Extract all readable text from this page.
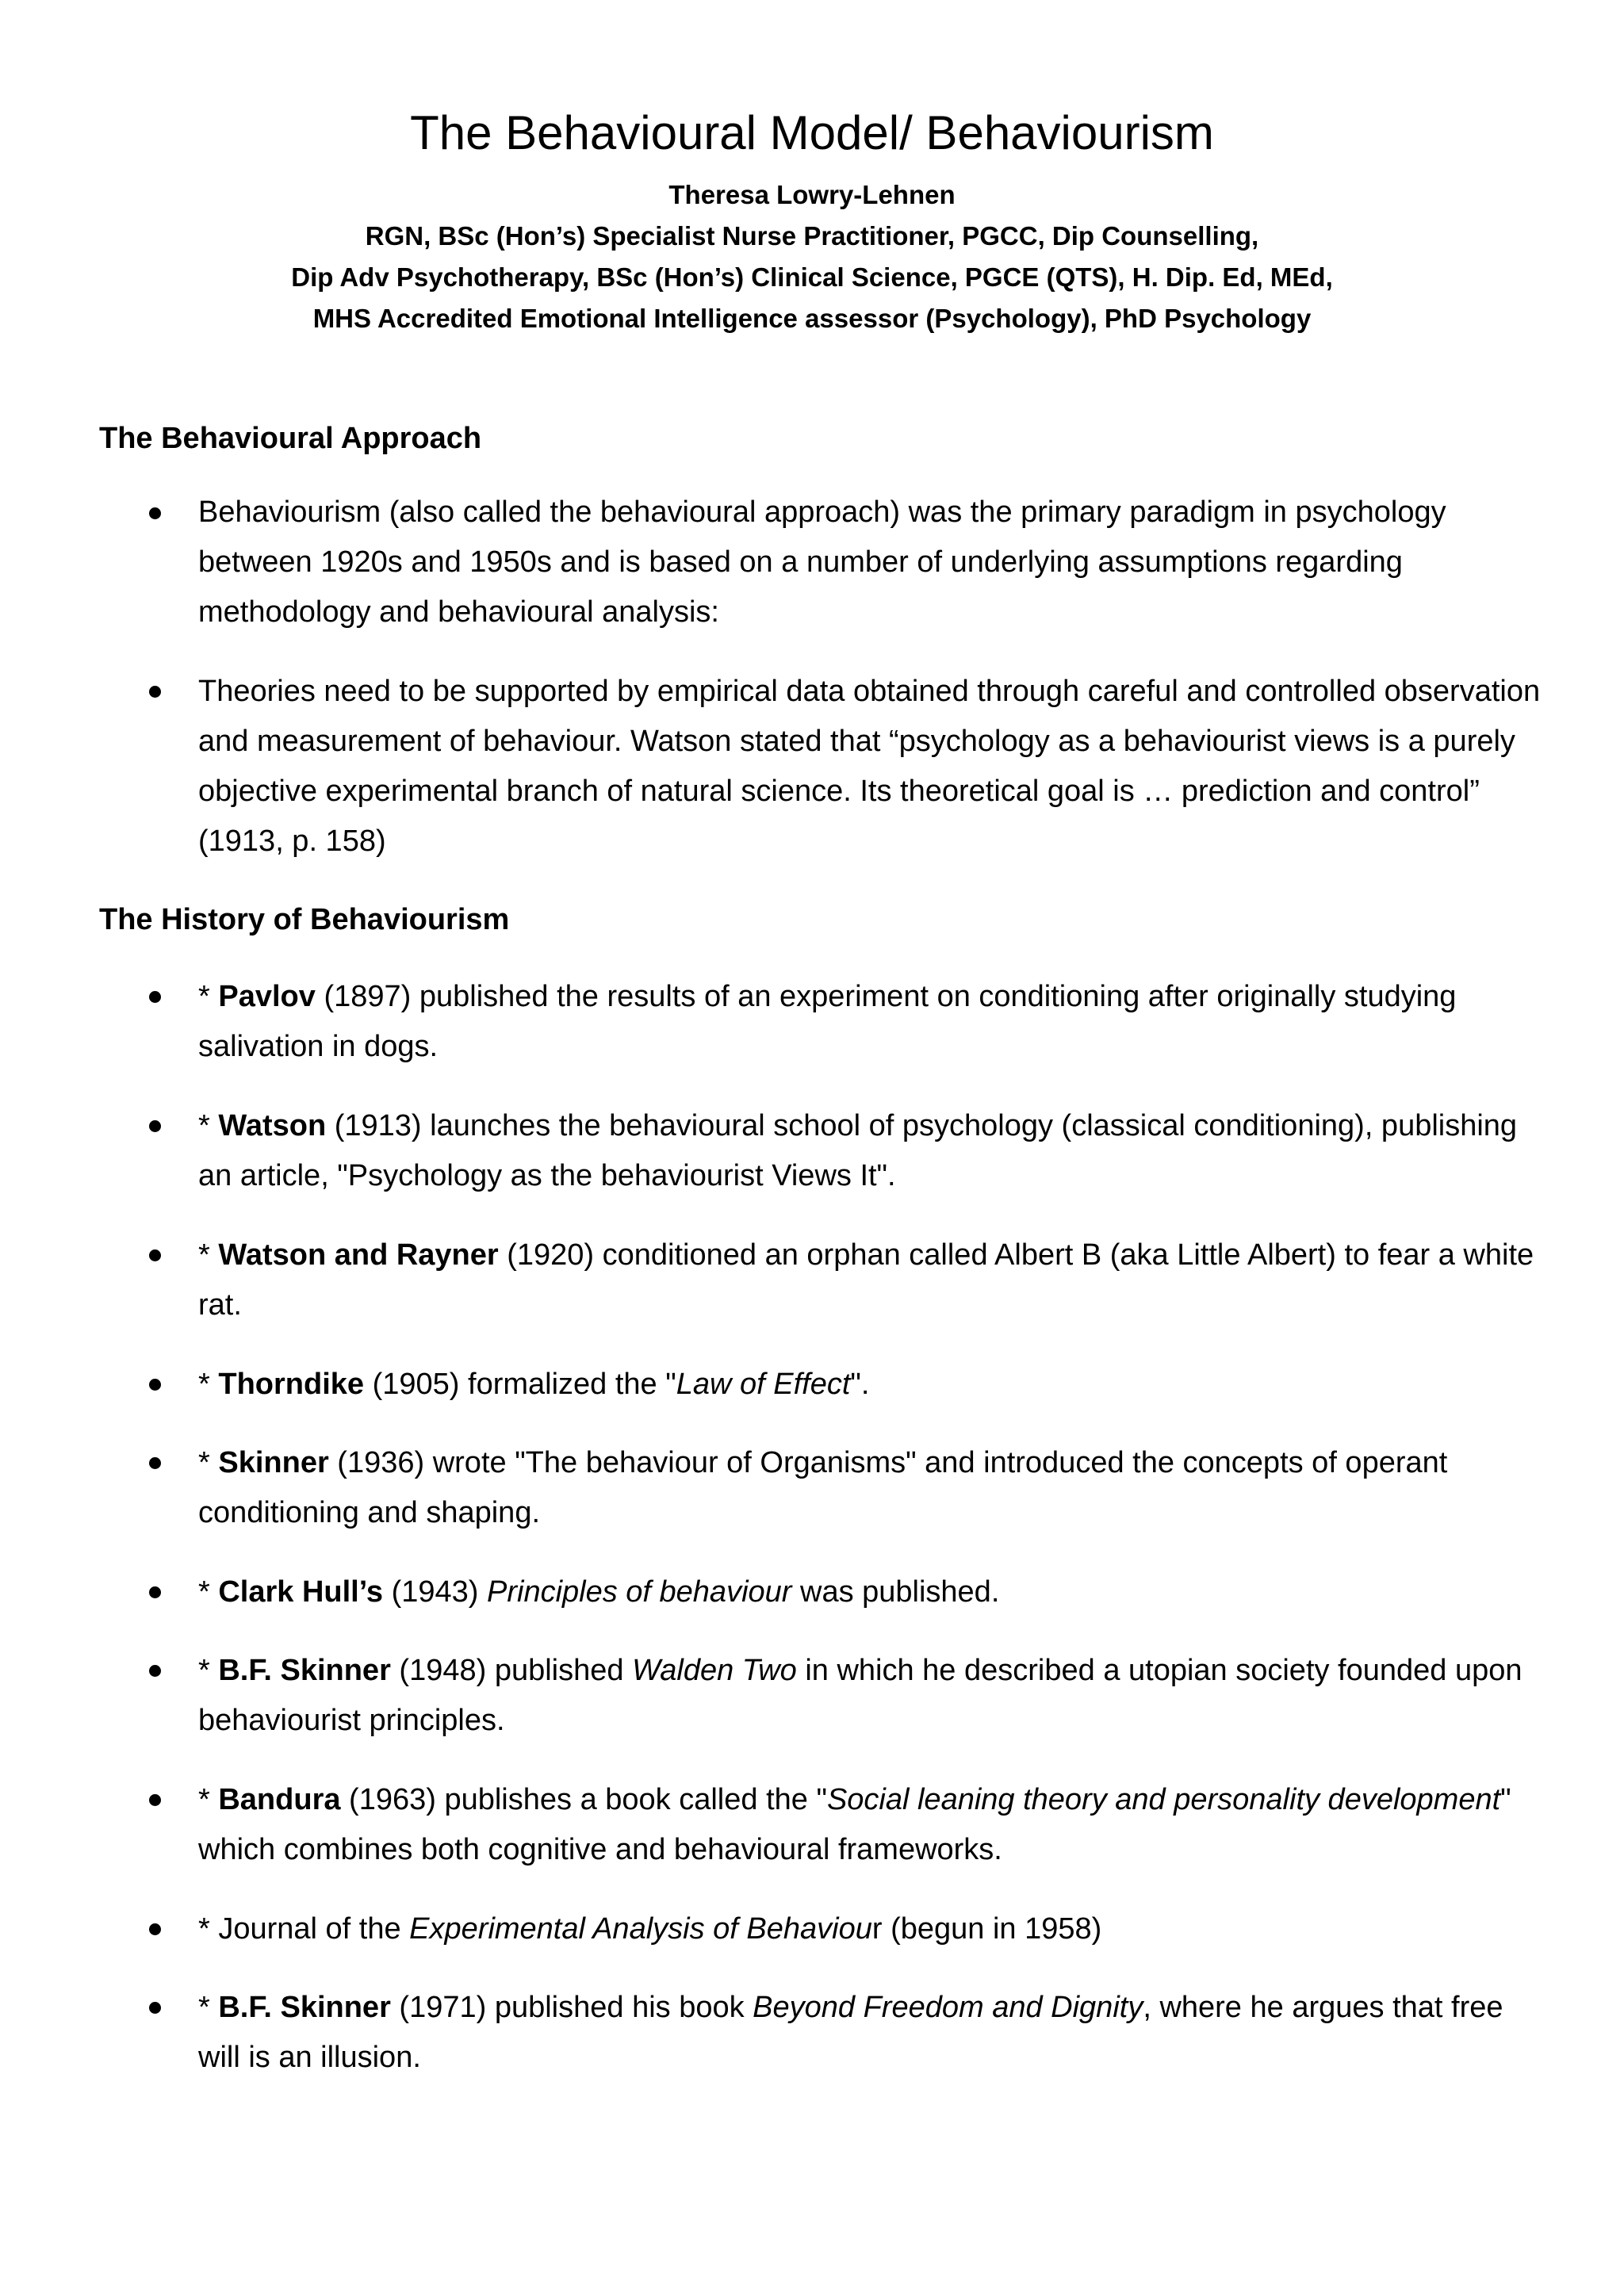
The Behavioural Model/ Behaviourism
Theresa Lowry-Lehnen
RGN, BSc (Hon’s) Specialist Nurse Practitioner, PGCC, Dip Counselling,
Dip Adv Psychotherapy, BSc (Hon’s) Clinical Science, PGCE (QTS), H. Dip. Ed, MEd,
MHS Accredited Emotional Intelligence assessor (Psychology), PhD Psychology
The Behavioural Approach
Behaviourism (also called the behavioural approach) was the primary paradigm in psychology between 1920s and 1950s and is based on a number of underlying assumptions regarding methodology and behavioural analysis:
Theories need to be supported by empirical data obtained through careful and controlled observation and measurement of behaviour. Watson stated that “psychology as a behaviourist views is a purely objective experimental branch of natural science. Its theoretical goal is … prediction and control” (1913, p. 158)
The History of Behaviourism
* Pavlov (1897) published the results of an experiment on conditioning after originally studying salivation in dogs.
* Watson (1913) launches the behavioural school of psychology (classical conditioning), publishing an article, "Psychology as the behaviourist Views It".
* Watson and Rayner (1920) conditioned an orphan called Albert B (aka Little Albert) to fear a white rat.
* Thorndike (1905) formalized the "Law of Effect".
* Skinner (1936) wrote "The behaviour of Organisms" and introduced the concepts of operant conditioning and shaping.
* Clark Hull’s (1943) Principles of behaviour was published.
* B.F. Skinner (1948) published Walden Two in which he described a utopian society founded upon behaviourist principles.
* Bandura (1963) publishes a book called the "Social leaning theory and personality development" which combines both cognitive and behavioural frameworks.
* Journal of the Experimental Analysis of Behaviour (begun in 1958)
* B.F. Skinner (1971) published his book Beyond Freedom and Dignity, where he argues that free will is an illusion.
